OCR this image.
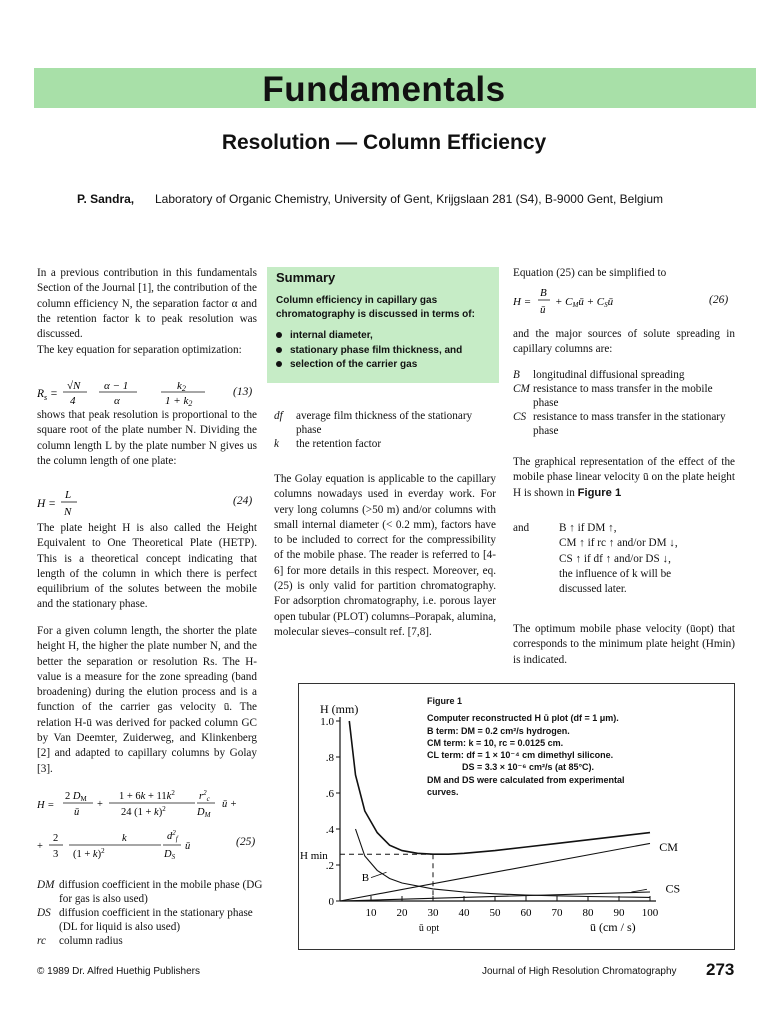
Fundamentals
Resolution — Column Efficiency
P. Sandra, Laboratory of Organic Chemistry, University of Gent, Krijgslaan 281 (S4), B-9000 Gent, Belgium
In a previous contribution in this fundamentals Section of the Journal [1], the contribution of the column efficiency N, the separation factor α and the retention factor k to peak resolution was discussed.
The key equation for separation optimization:
$R_s$ =
√N
4
α − 1
α
k2
1 + k2
(13)
shows that peak resolution is proportional to the square root of the plate number N. Dividing the column length L by the plate number N gives us the column length of one plate:
H =
L
N
(24)
The plate height H is also called the Height Equivalent to One Theoretical Plate (HETP). This is a theoretical concept indicating that length of the column in which there is perfect equilibrium of the solutes between the mobile and the stationary phase.
For a given column length, the shorter the plate height H, the higher the plate number N, and the better the separation or resolution Rs. The H-value is a measure for the zone spreading (band broadening) during the elution process and is a function of the carrier gas velocity ū. The relation H-ū was derived for packed column GC by Van Deemter, Zuiderweg, and Klinkenberg [2] and adapted to capillary columns by Golay [3].
H =
2 DM
ū
+
$1 + 6k + 11k^2$
24 $(1 + k)^2$
$r^2_c$
DM
ū +
+
2
3
k
$(1 + k)^2$
$d^2_f$
DS
ū	(25)
DM diffusion coefficient in the mobile phase (DG for gas is also used)
DS diffusion coefficient in the stationary phase (DL for liquid is also used)
rc	column radius
Summary
Column efficiency in capillary gas chromatography is discussed in terms of:
internal diameter,
stationary phase film thickness, and
selection of the carrier gas
df	average film thickness of the stationary phase
k	the retention factor
The Golay equation is applicable to the capillary columns nowadays used in everday work. For very long columns (>50 m) and/or columns with small internal diameter (< 0.2 mm), factors have to be included to correct for the compressibility of the mobile phase. The reader is referred to [4-6] for more details in this respect. Moreover, eq. (25) is only valid for partition chromatography. For adsorption chromatography, i.e. porous layer open tubular (PLOT) columns–Porapak, alumina, molecular sieves–consult ref. [7,8].
Equation (25) can be simplified to
H =
B
ū
+ CMū + CSū	(26)
and the major sources of solute spreading in capillary columns are:
B	longitudinal diffusional spreading
CM resistance to mass transfer in the mobile phase
CS resistance to mass transfer in the stationary phase
The graphical representation of the effect of the mobile phase linear velocity ū on the plate height H is shown in Figure 1
and	B ↑ if DM ↑,
CM ↑ if rc ↑ and/or DM ↓,
CS ↑ if df ↑ and/or DS ↓,
the influence of k will be
discussed later.
The optimum mobile phase velocity (ūopt) that corresponds to the minimum plate height (Hmin) is indicated.
Figure 1
Computer reconstructed H ū plot (df = 1 μm).
B term: DM = 0.2 cm²/s hydrogen.
CM term: k = 10, rc = 0.0125 cm.
CL term: df = 1 × 10⁻⁴ cm dimethyl silicone.
DS = 3.3 × 10⁻⁶ cm²/s (at 85°C).
DM and DS were calculated from experimental
curves.
1.0
.8
.6
.4
.2
0
10 20 30 40 50 60 70 80 90 100
H (mm)
H min
ū opt	ū (cm / s)
B
CM
CS
© 1989 Dr. Alfred Huethig Publishers	Journal of High Resolution Chromatography 273
